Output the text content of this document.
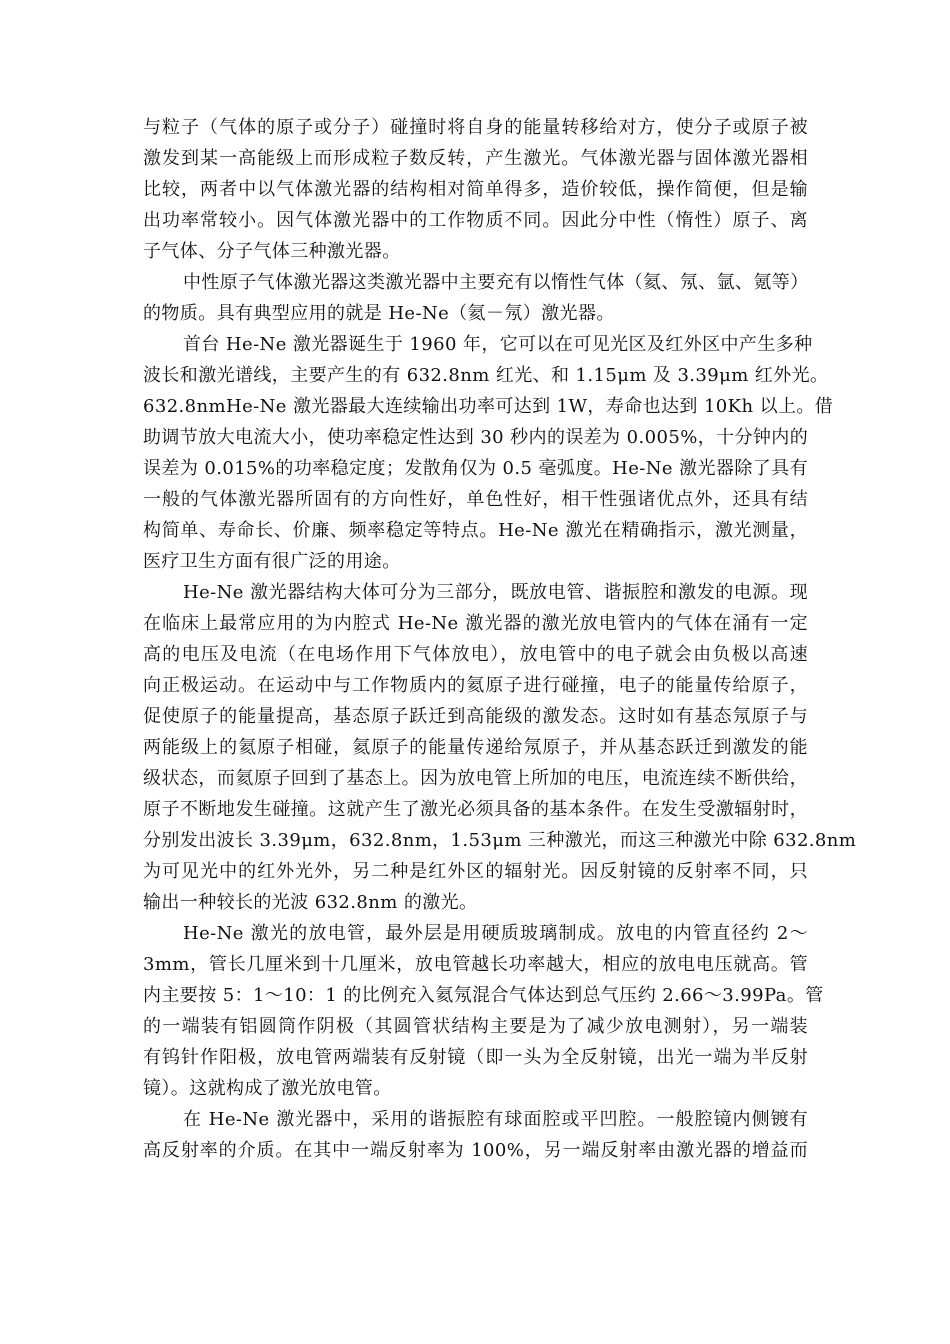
与粒子（气体的原子或分子）碰撞时将自身的能量转移给对方，使分子或原子被
激发到某一高能级上而形成粒子数反转，产生激光。气体激光器与固体激光器相
比较，两者中以气体激光器的结构相对简单得多，造价较低，操作简便，但是输
出功率常较小。因气体激光器中的工作物质不同。因此分中性（惰性）原子、离
子气体、分子气体三种激光器。
中性原子气体激光器这类激光器中主要充有以惰性气体（氦、氖、氩、氪等）
的物质。具有典型应用的就是 He-Ne（氦－氖）激光器。
首台 He-Ne 激光器诞生于 1960 年，它可以在可见光区及红外区中产生多种
波长和激光谱线，主要产生的有 632.8nm 红光、和 1.15μm 及 3.39μm 红外光。
632.8nmHe-Ne 激光器最大连续输出功率可达到 1W，寿命也达到 10Kh 以上。借
助调节放大电流大小，使功率稳定性达到 30 秒内的误差为 0.005%，十分钟内的
误差为 0.015%的功率稳定度；发散角仅为 0.5 毫弧度。He-Ne 激光器除了具有
一般的气体激光器所固有的方向性好，单色性好，相干性强诸优点外，还具有结
构简单、寿命长、价廉、频率稳定等特点。He-Ne 激光在精确指示，激光测量，
医疗卫生方面有很广泛的用途。
He-Ne 激光器结构大体可分为三部分，既放电管、谐振腔和激发的电源。现
在临床上最常应用的为内腔式 He-Ne 激光器的激光放电管内的气体在涌有一定
高的电压及电流（在电场作用下气体放电），放电管中的电子就会由负极以高速
向正极运动。在运动中与工作物质内的氦原子进行碰撞，电子的能量传给原子，
促使原子的能量提高，基态原子跃迁到高能级的激发态。这时如有基态氖原子与
两能级上的氦原子相碰，氦原子的能量传递给氖原子，并从基态跃迁到激发的能
级状态，而氦原子回到了基态上。因为放电管上所加的电压，电流连续不断供给，
原子不断地发生碰撞。这就产生了激光必须具备的基本条件。在发生受激辐射时，
分别发出波长 3.39μm，632.8nm，1.53μm 三种激光，而这三种激光中除 632.8nm
为可见光中的红外光外，另二种是红外区的辐射光。因反射镜的反射率不同，只
输出一种较长的光波 632.8nm 的激光。
He-Ne 激光的放电管，最外层是用硬质玻璃制成。放电的内管直径约 2～
3mm，管长几厘米到十几厘米，放电管越长功率越大，相应的放电电压就高。管
内主要按 5：1～10：1 的比例充入氦氖混合气体达到总气压约 2.66～3.99Pa。管
的一端装有铝圆筒作阴极（其圆管状结构主要是为了减少放电测射），另一端装
有钨针作阳极，放电管两端装有反射镜（即一头为全反射镜，出光一端为半反射
镜）。这就构成了激光放电管。
在 He-Ne 激光器中，采用的谐振腔有球面腔或平凹腔。一般腔镜内侧镀有
高反射率的介质。在其中一端反射率为 100%，另一端反射率由激光器的增益而
